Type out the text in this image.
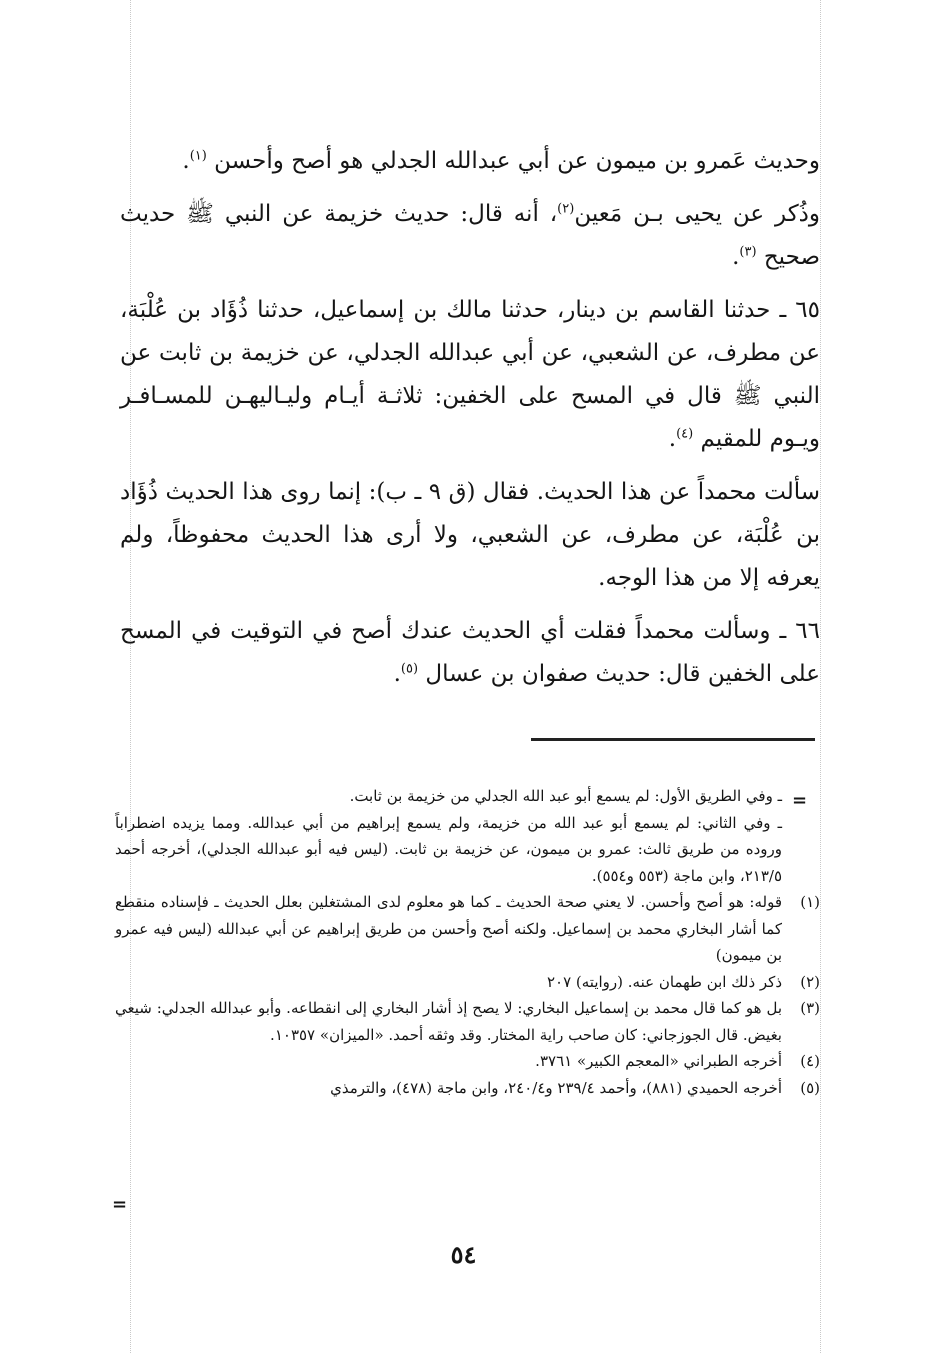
وحديث عَمرو بن ميمون عن أبي عبدالله الجدلي هو أصح وأحسن $^{(١)}$.

وذُكر عن يحيى بـن مَعين$^{(٢)}$، أنه قال: حديث خزيمة عن النبي ﷺ حديث صحيح $^{(٣)}$.

٦٥ ـ حدثنا القاسم بن دينار، حدثنا مالك بن إسماعيل، حدثنا ذُؤَاد بن عُلْبَة، عن مطرف، عن الشعبي، عن أبي عبدالله الجدلي، عن خزيمة بن ثابت عن النبي ﷺ قال في المسح على الخفين: ثلاثـة أيـام وليـاليهـن للمسـافـر ويـوم للمقيم $^{(٤)}$.

سألت محمداً عن هذا الحديث. فقال (ق ٩ ـ ب): إنما روى هذا الحديث ذُؤَاد بن عُلْبَة، عن مطرف، عن الشعبي، ولا أرى هذا الحديث محفوظاً، ولم يعرفه إلا من هذا الوجه.

٦٦ ـ وسألت محمداً فقلت أي الحديث عندك أصح في التوقيت في المسح على الخفين قال: حديث صفوان بن عسال $^{(٥)}$.

=
ـ وفي الطريق الأول: لم يسمع أبو عبد الله الجدلي من خزيمة بن ثابت.
ـ وفي الثاني: لم يسمع أبو عبد الله من خزيمة، ولم يسمع إبراهيم من أبي عبدالله. ومما يزيده اضطراباً وروده من طريق ثالث: عمرو بن ميمون، عن خزيمة بن ثابت. (ليس فيه أبو عبدالله الجدلي)، أخرجه أحمد ٢١٣/٥، وابن ماجة (٥٥٣ و٥٥٤).
(١)
قوله: هو أصح وأحسن. لا يعني صحة الحديث ـ كما هو معلوم لدى المشتغلين بعلل الحديث ـ فإسناده منقطع كما أشار البخاري محمد بن إسماعيل. ولكنه أصح وأحسن من طريق إبراهيم عن أبي عبدالله (ليس فيه عمرو بن ميمون)
(٢)
ذكر ذلك ابن طهمان عنه. (روايته) ٢٠٧
(٣)
بل هو كما قال محمد بن إسماعيل البخاري: لا يصح إذ أشار البخاري إلى انقطاعه. وأبو عبدالله الجدلي: شيعي بغيض. قال الجوزجاني: كان صاحب راية المختار. وقد وثقه أحمد. «الميزان» ١٠٣٥٧.
(٤)
أخرجه الطبراني «المعجم الكبير» ٣٧٦١.
(٥)
أخرجه الحميدي (٨٨١)، وأحمد ٢٣٩/٤ و٢٤٠/٤، وابن ماجة (٤٧٨)، والترمذي
=
٥٤
